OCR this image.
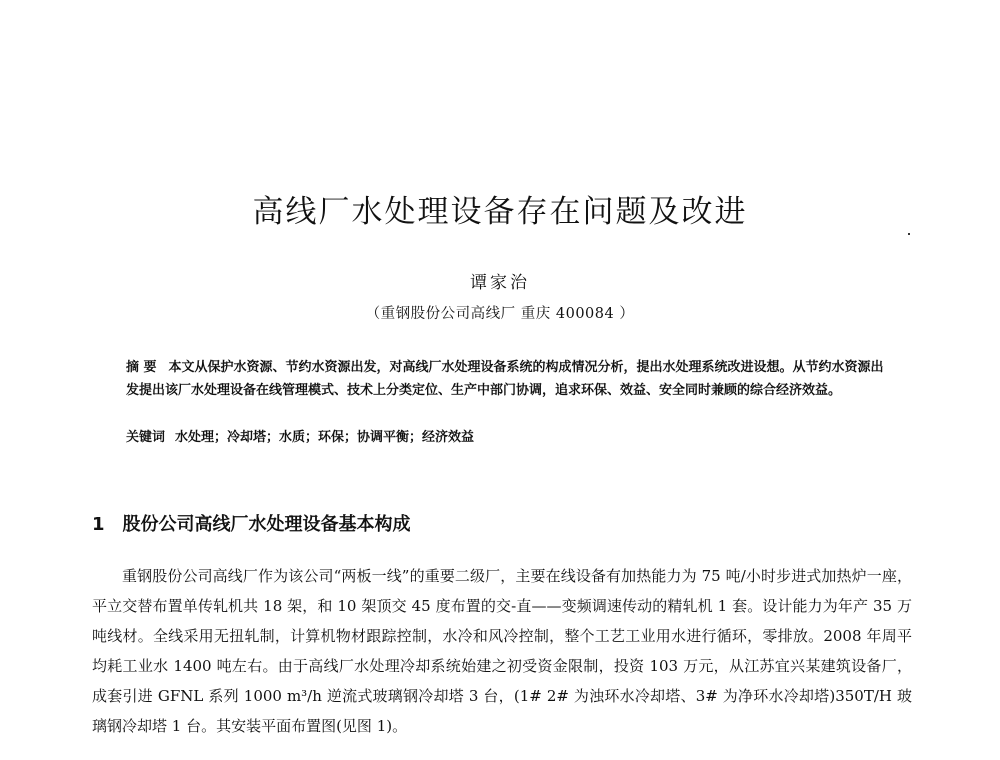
高线厂水处理设备存在问题及改进
谭家治
（重钢股份公司高线厂 重庆 400084 ）

摘 要 本文从保护水资源、节约水资源出发，对高线厂水处理设备系统的构成情况分析，提出水处理系统改进设想。从节约水资源出发提出该厂水处理设备在线管理模式、技术上分类定位、生产中部门协调，追求环保、效益、安全同时兼顾的综合经济效益。

关键词 水处理；冷却塔；水质；环保；协调平衡；经济效益

1 股份公司高线厂水处理设备基本构成

重钢股份公司高线厂作为该公司“两板一线”的重要二级厂，主要在线设备有加热能力为 75 吨/小时步进式加热炉一座，平立交替布置单传轧机共 18 架，和 10 架顶交 45 度布置的交-直——变频调速传动的精轧机 1 套。设计能力为年产 35 万吨线材。全线采用无扭轧制，计算机物材跟踪控制，水冷和风冷控制，整个工艺工业用水进行循环，零排放。2008 年周平均耗工业水 1400 吨左右。由于高线厂水处理冷却系统始建之初受资金限制，投资 103 万元，从江苏宜兴某建筑设备厂，成套引进 GFNL 系列 1000 m³/h 逆流式玻璃钢冷却塔 3 台，(1# 2# 为浊环水冷却塔、3# 为净环水冷却塔)350T/H 玻璃钢冷却塔 1 台。其安装平面布置图(见图 1)。
